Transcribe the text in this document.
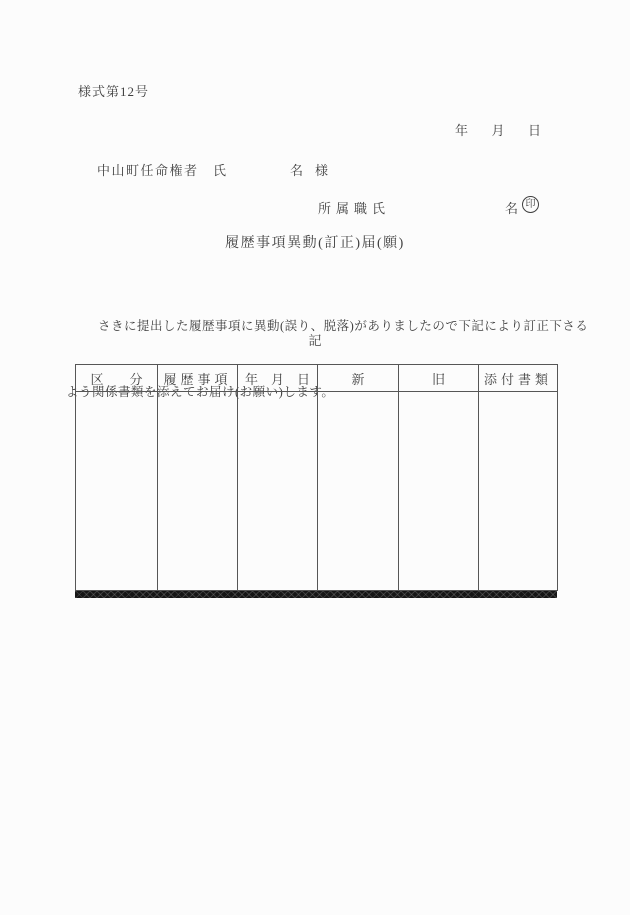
様式第12号
年 月 日
中山町任命権者　氏	名 様
所属職氏	名 印
履歴事項異動(訂正)届(願)

さきに提出した履歴事項に異動(誤り、脱落)がありましたので下記により訂正下さる

よう関係書類を添えてお届け(お願い)します。

記
区　　分	履歴事項	年　月　日	新	旧	添付書類
